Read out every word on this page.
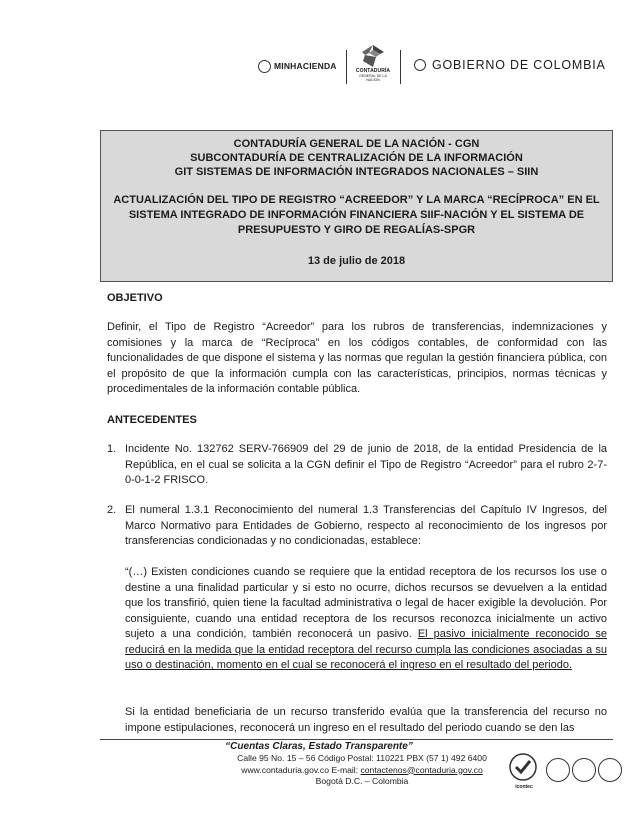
MINHACIENDA
CONTADURÍA
GENERAL DE LA NACIÓN
GOBIERNO DE COLOMBIA
CONTADURÍA GENERAL DE LA NACIÓN - CGN
SUBCONTADURÍA DE CENTRALIZACIÓN DE LA INFORMACIÓN
GIT SISTEMAS DE INFORMACIÓN INTEGRADOS NACIONALES – SIIN
ACTUALIZACIÓN DEL TIPO DE REGISTRO “ACREEDOR” Y LA MARCA “RECÍPROCA” EN EL
SISTEMA INTEGRADO DE INFORMACIÓN FINANCIERA SIIF-NACIÓN Y EL SISTEMA DE
PRESUPUESTO Y GIRO DE REGALÍAS-SPGR
13 de julio de 2018
OBJETIVO
Definir, el Tipo de Registro “Acreedor” para los rubros de transferencias, indemnizaciones y comisiones y la marca de “Recíproca” en los códigos contables, de conformidad con las funcionalidades de que dispone el sistema y las normas que regulan la gestión financiera pública, con el propósito de que la información cumpla con las características, principios, normas técnicas y procedimentales de la información contable pública.
ANTECEDENTES
1. Incidente No. 132762 SERV-766909 del 29 de junio de 2018, de la entidad Presidencia de la República, en el cual se solicita a la CGN definir el Tipo de Registro “Acreedor” para el rubro 2-7-0-0-1-2 FRISCO.
2. El numeral 1.3.1 Reconocimiento del numeral 1.3 Transferencias del Capítulo IV Ingresos, del Marco Normativo para Entidades de Gobierno, respecto al reconocimiento de los ingresos por transferencias condicionadas y no condicionadas, establece:
“(…) Existen condiciones cuando se requiere que la entidad receptora de los recursos los use o destine a una finalidad particular y si esto no ocurre, dichos recursos se devuelven a la entidad que los transfirió, quien tiene la facultad administrativa o legal de hacer exigible la devolución. Por consiguiente, cuando una entidad receptora de los recursos reconozca inicialmente un activo sujeto a una condición, también reconocerá un pasivo. El pasivo inicialmente reconocido se reducirá en la medida que la entidad receptora del recurso cumpla las condiciones asociadas a su uso o destinación, momento en el cual se reconocerá el ingreso en el resultado del periodo.
Si la entidad beneficiaria de un recurso transferido evalúa que la transferencia del recurso no impone estipulaciones, reconocerá un ingreso en el resultado del periodo cuando se den las
“Cuentas Claras, Estado Transparente”
Calle 95 No. 15 – 56 Código Postal: 110221 PBX (57 1) 492 6400
www.contaduria.gov.co E-mail: contactenos@contaduria.gov.co
Bogotá D.C. – Colombia
icontec
